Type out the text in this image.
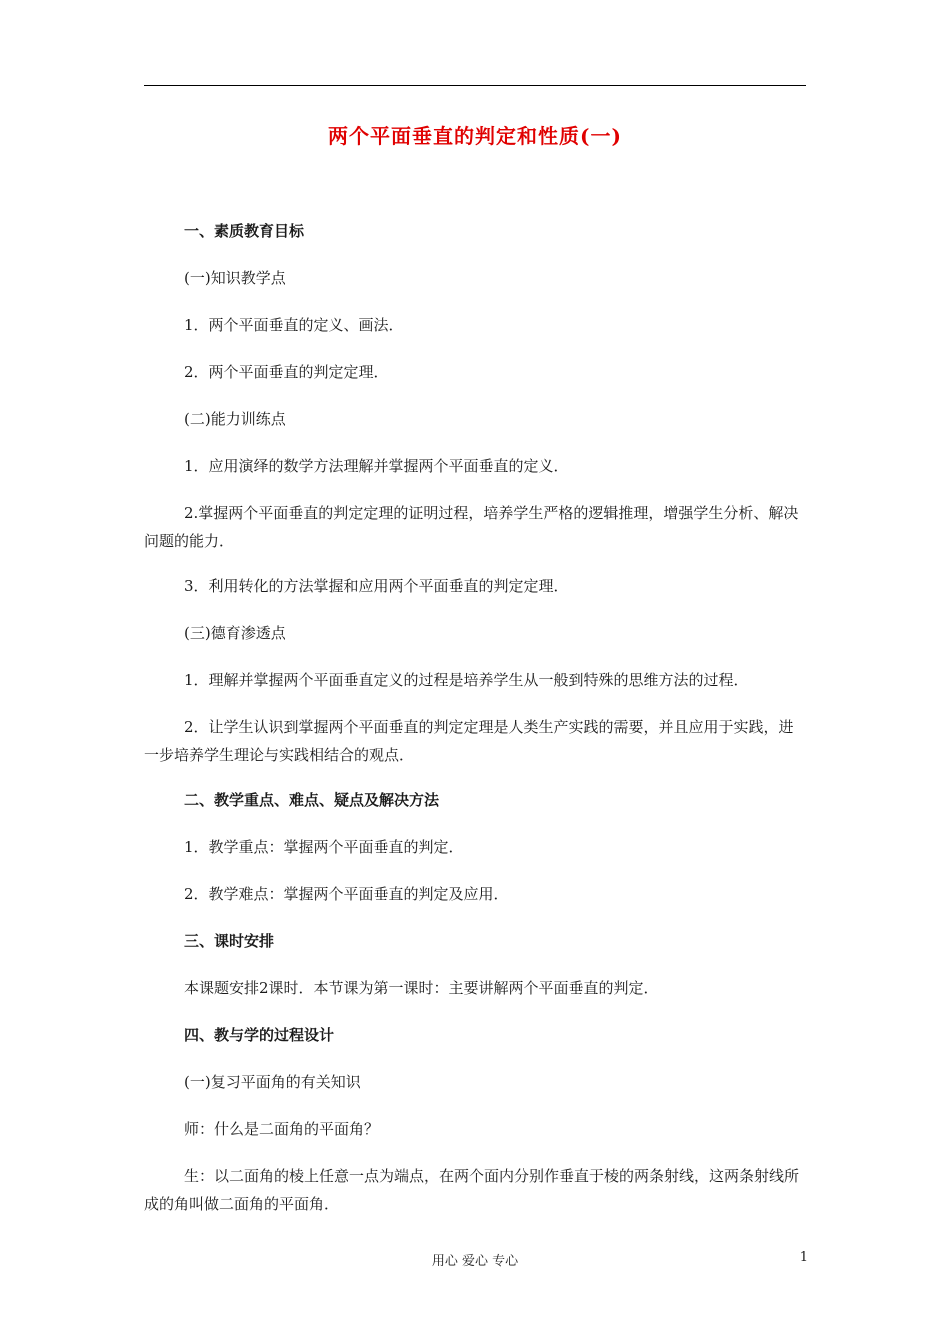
两个平面垂直的判定和性质(一)
一、素质教育目标
(一)知识教学点
1．两个平面垂直的定义、画法．
2．两个平面垂直的判定定理．
(二)能力训练点
1．应用演绎的数学方法理解并掌握两个平面垂直的定义．
2.掌握两个平面垂直的判定定理的证明过程，培养学生严格的逻辑推理，增强学生分析、解决问题的能力．
3．利用转化的方法掌握和应用两个平面垂直的判定定理．
(三)德育渗透点
1．理解并掌握两个平面垂直定义的过程是培养学生从一般到特殊的思维方法的过程．
2．让学生认识到掌握两个平面垂直的判定定理是人类生产实践的需要，并且应用于实践，进一步培养学生理论与实践相结合的观点．
二、教学重点、难点、疑点及解决方法
1．教学重点：掌握两个平面垂直的判定．
2．教学难点：掌握两个平面垂直的判定及应用．
三、课时安排
本课题安排2课时．本节课为第一课时：主要讲解两个平面垂直的判定．
四、教与学的过程设计
(一)复习平面角的有关知识
师：什么是二面角的平面角？
生：以二面角的棱上任意一点为端点，在两个面内分别作垂直于棱的两条射线，这两条射线所成的角叫做二面角的平面角．
用心 爱心 专心	1
